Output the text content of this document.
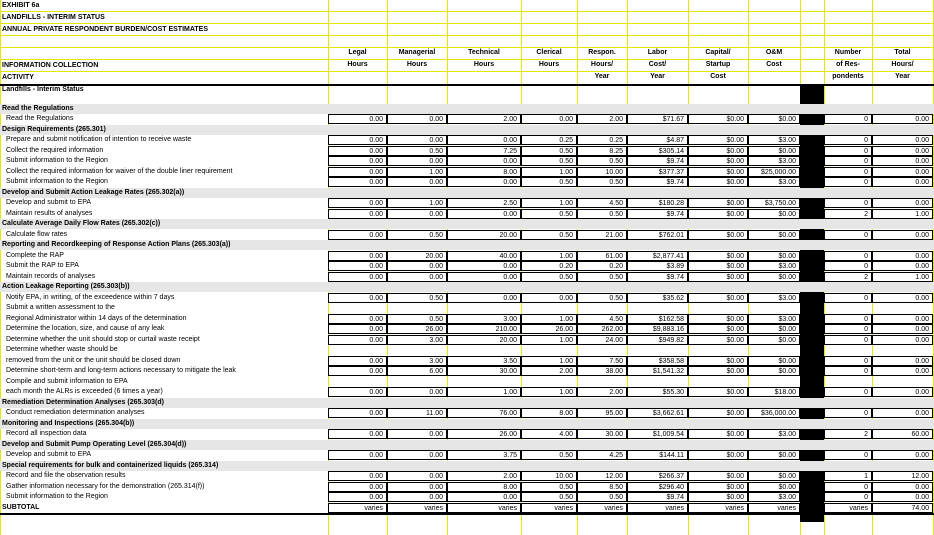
EXHIBIT 6a
LANDFILLS - INTERIM STATUS
ANNUAL PRIVATE RESPONDENT BURDEN/COST ESTIMATES
INFORMATION COLLECTION
ACTIVITY
Legal
Hours
Managerial
Hours
Technical
Hours
Clerical
Hours
Respon.
Hours/
Year
Labor
Cost/
Year
Capital/
Startup
Cost
O&M
Cost
Number
of Res-
pondents
Total
Hours/
Year
Landfills - Interim Status
Read the Regulations
Read the Regulations	0.00	0.00	2.00	0.00	2.00	$71.67	$0.00	$0.00	0	0.00
Design Requirements (265.301)
Prepare and submit notification of intention to receive waste	0.00	0.00	0.00	0.25	0.25	$4.87	$0.00	$3.00	0	0.00
Collect the required information	0.00	0.50	7.25	0.50	8.25	$305.14	$0.00	$0.00	0	0.00
Submit information to the Region	0.00	0.00	0.00	0.50	0.50	$9.74	$0.00	$3.00	0	0.00
Collect the required information for waiver of the double liner requirement	0.00	1.00	8.00	1.00	10.00	$377.37	$0.00	$25,000.00	0	0.00
Submit information to the Region	0.00	0.00	0.00	0.50	0.50	$9.74	$0.00	$3.00	0	0.00
Develop and Submit Action Leakage Rates (265.302(a))
Develop and submit to EPA	0.00	1.00	2.50	1.00	4.50	$180.28	$0.00	$3,750.00	0	0.00
Maintain results of analyses	0.00	0.00	0.00	0.50	0.50	$9.74	$0.00	$0.00	2	1.00
Calculate Average Daily Flow Rates (265.302(c))
Calculate flow rates	0.00	0.50	20.00	0.50	21.00	$762.01	$0.00	$0.00	0	0.00
Reporting and Recordkeeping of Response Action Plans (265.303(a))
Complete the RAP	0.00	20.00	40.00	1.00	61.00	$2,877.41	$0.00	$0.00	0	0.00
Submit the RAP to EPA	0.00	0.00	0.00	0.20	0.20	$3.89	$0.00	$3.00	0	0.00
Maintain records of analyses	0.00	0.00	0.00	0.50	0.50	$9.74	$0.00	$0.00	2	1.00
Action Leakage Reporting (265.303(b))
Notify EPA, in writing, of the exceedence within 7 days	0.00	0.50	0.00	0.00	0.50	$35.62	$0.00	$3.00	0	0.00
Submit a written assessment to the
Regional Administrator within 14 days of the determination	0.00	0.50	3.00	1.00	4.50	$162.58	$0.00	$3.00	0	0.00
Determine the location, size, and cause of any leak	0.00	26.00	210.00	26.00	262.00	$9,883.16	$0.00	$0.00	0	0.00
Determine whether the unit should stop or curtail waste receipt	0.00	3.00	20.00	1.00	24.00	$949.82	$0.00	$0.00	0	0.00
Determine whether waste should be
removed from the unit or the unit should be closed down	0.00	3.00	3.50	1.00	7.50	$358.58	$0.00	$0.00	0	0.00
Determine short-term and long-term actions necessary to mitigate the leak	0.00	6.00	30.00	2.00	38.00	$1,541.32	$0.00	$0.00	0	0.00
Compile and submit information to EPA
each month the ALRs is exceeded (6 times a year)	0.00	0.00	1.00	1.00	2.00	$55.30	$0.00	$18.00	0	0.00
Remediation Determination Analyses (265.303(d)
Conduct remediation determination analyses	0.00	11.00	76.00	8.00	95.00	$3,662.61	$0.00	$36,000.00	0	0.00
Monitoring and Inspections (265.304(b))
Record all inspection data	0.00	0.00	26.00	4.00	30.00	$1,009.54	$0.00	$3.00	2	60.00
Develop and Submit Pump Operating Level (265.304(d))
Develop and submit to EPA	0.00	0.00	3.75	0.50	4.25	$144.11	$0.00	$0.00	0	0.00
Special requirements for bulk and containerized liquids (265.314)
Record and file the observation results	0.00	0.00	2.00	10.00	12.00	$266.37	$0.00	$0.00	1	12.00
Gather information necessary for the demonstration (265.314(f))	0.00	0.00	8.00	0.50	8.50	$296.40	$0.00	$0.00	0	0.00
Submit information to the Region	0.00	0.00	0.00	0.50	0.50	$9.74	$0.00	$3.00	0	0.00
SUBTOTAL	varies	varies	varies	varies	varies	varies	varies	varies	varies	74.00
